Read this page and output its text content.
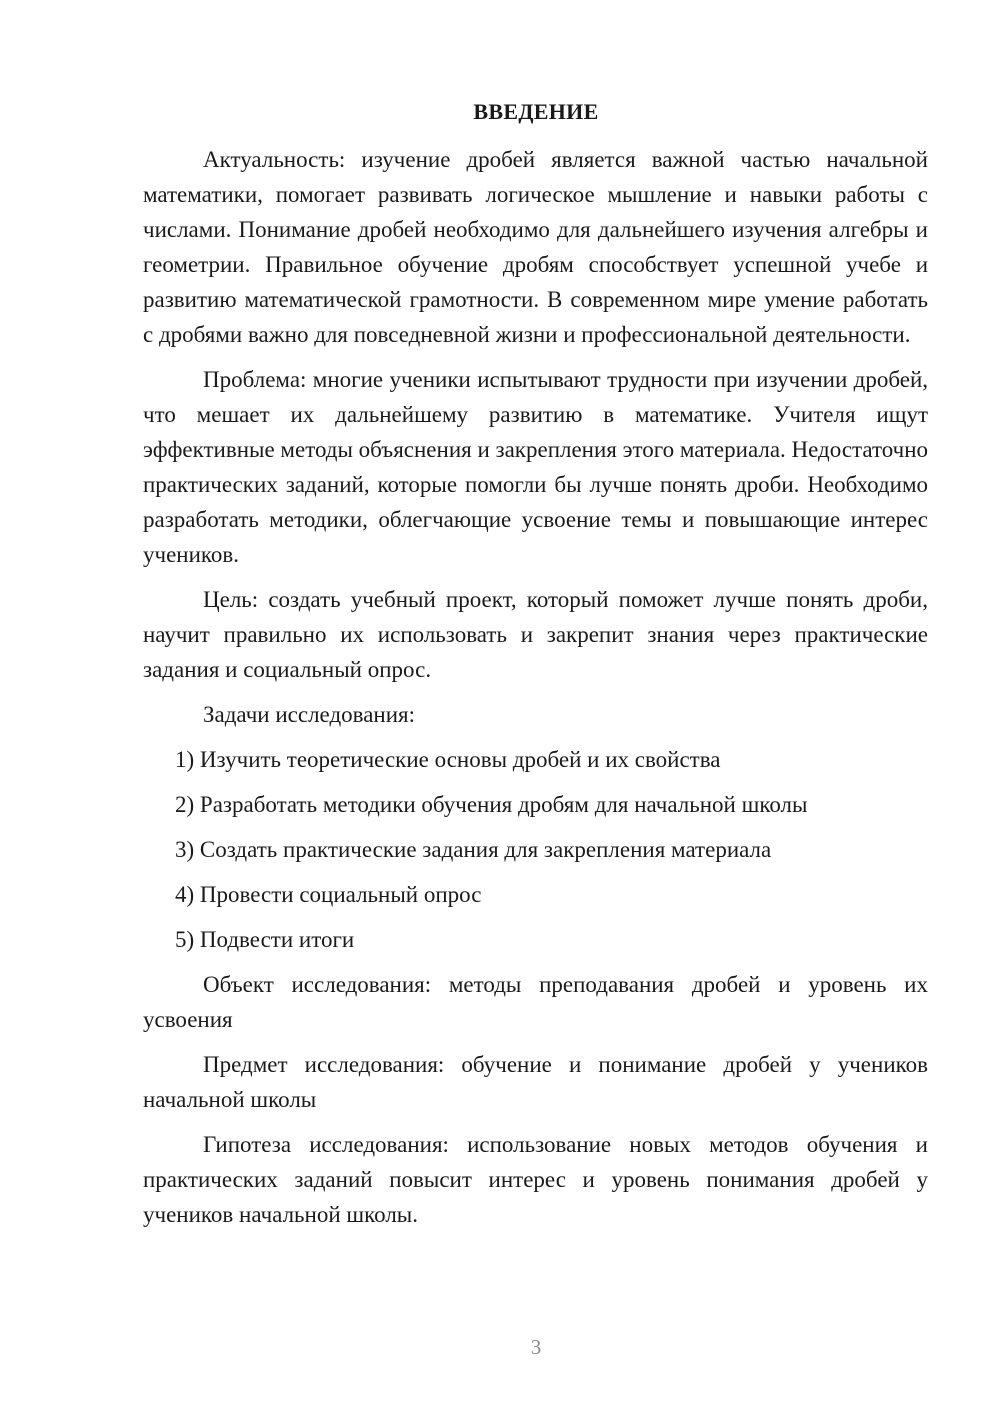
ВВЕДЕНИЕ

Актуальность: изучение дробей является важной частью начальной математики, помогает развивать логическое мышление и навыки работы с числами. Понимание дробей необходимо для дальнейшего изучения алгебры и геометрии. Правильное обучение дробям способствует успешной учебе и развитию математической грамотности. В современном мире умение работать с дробями важно для повседневной жизни и профессиональной деятельности.

Проблема: многие ученики испытывают трудности при изучении дробей, что мешает их дальнейшему развитию в математике. Учителя ищут эффективные методы объяснения и закрепления этого материала. Недостаточно практических заданий, которые помогли бы лучше понять дроби. Необходимо разработать методики, облегчающие усвоение темы и повышающие интерес учеников.

Цель: создать учебный проект, который поможет лучше понять дроби, научит правильно их использовать и закрепит знания через практические задания и социальный опрос.

Задачи исследования:

1) Изучить теоретические основы дробей и их свойства

2) Разработать методики обучения дробям для начальной школы

3) Создать практические задания для закрепления материала

4) Провести социальный опрос

5) Подвести итоги

Объект исследования: методы преподавания дробей и уровень их усвоения

Предмет исследования: обучение и понимание дробей у учеников начальной школы

Гипотеза исследования: использование новых методов обучения и практических заданий повысит интерес и уровень понимания дробей у учеников начальной школы.

3
